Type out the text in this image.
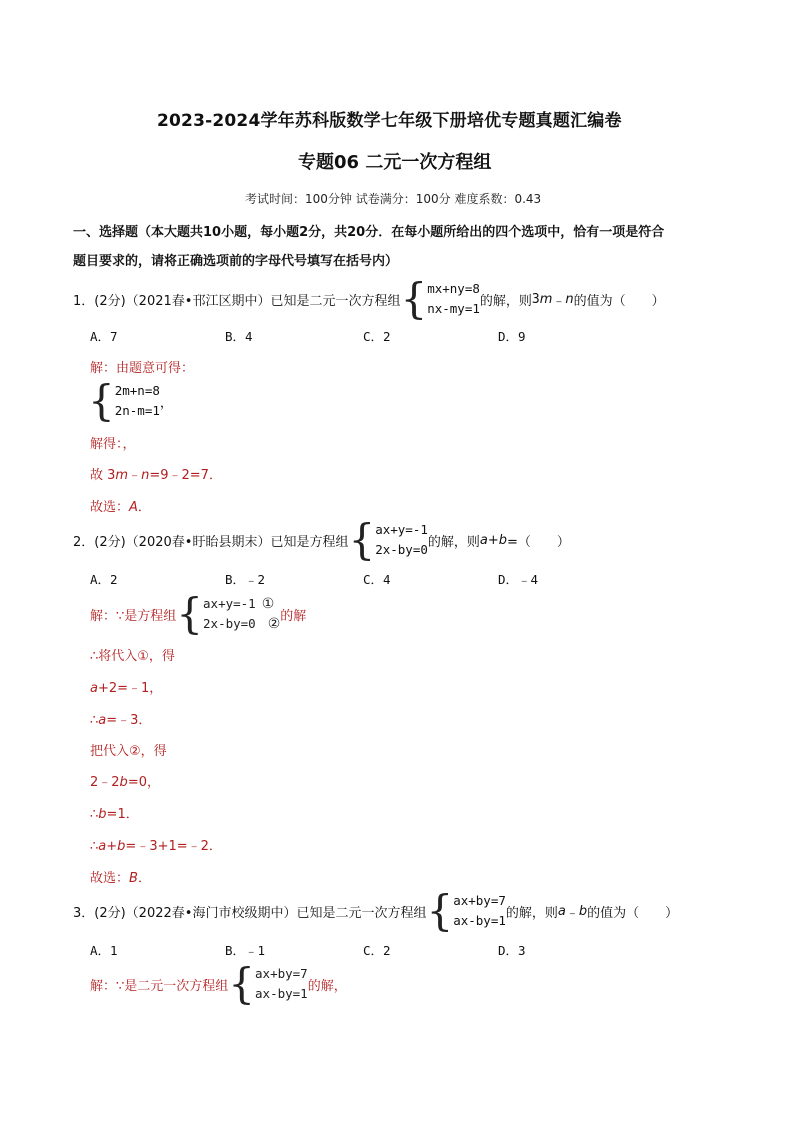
2023-2024学年苏科版数学七年级下册培优专题真题汇编卷
专题06 二元一次方程组
考试时间：100分钟 试卷满分：100分 难度系数：0.43
一、选择题（本大题共10小题，每小题2分，共20分．在每小题所给出的四个选项中，恰有一项是符合
题目要求的，请将正确选项前的字母代号填写在括号内）
1．(2分)（2021春•邗江区期中）已知是二元一次方程组 { mx+ny=8
nx-my=1 的解，则 3 m ﹣ n 的值为（　　）
A．7	B．4	C．2	D．9
解：由题意可得：
{ 2m+n=8
2n-m=1 ，
解得：，
故 3m﹣n=9﹣2=7．
故选：A．
2．(2分)（2020春•盱眙县期末）已知是方程组 { ax+y=-1
2x-by=0 的解，则 a + b =（　　）
A．2	B．﹣2	C．4	D．﹣4
解：∵是方程组 { ax+y=-1 ①
2x-by=0 ② 的解
∴将代入①，得
a+2=﹣1，
∴a=﹣3．
把代入②，得
2﹣2b=0，
∴b=1．
∴a+b=﹣3+1=﹣2．
故选：B．
3．(2分)（2022春•海门市校级期中）已知是二元一次方程组 { ax+by=7
ax-by=1 的解，则 a ﹣ b 的值为（　　）
A．1	B．﹣1	C．2	D．3
解：∵是二元一次方程组 { ax+by=7
ax-by=1 的解，
